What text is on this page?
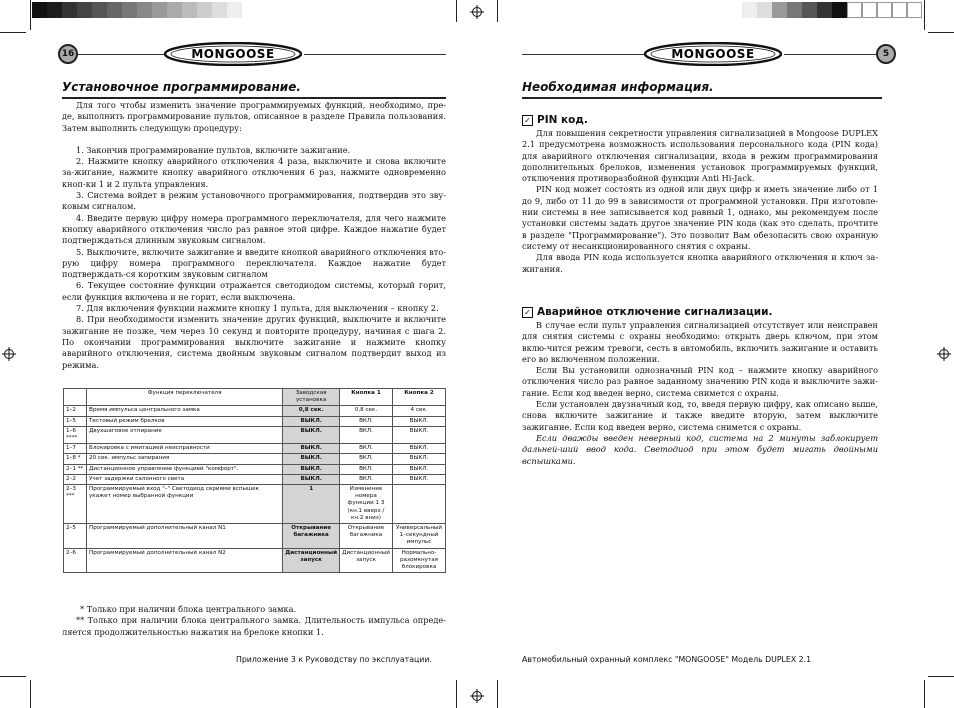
16	MONGOOSE
Установочное программирование.

Для того чтобы изменить значение программируемых функций, необходимо, пре-де, выполнить программирование пультов, описанное в разделе Правила пользования. Затем выполнить следующую процедуру:

1. Закончив программирование пультов, включите зажигание.

2. Нажмите кнопку аварийного отключения 4 раза, выключите и снова включите за-жигание, нажмите кнопку аварийного отключения 6 раз, нажмите одновременно кноп-ки 1 и 2 пульта управления.

3. Система войдет в режим установочного программирования, подтвердив это зву-ковым сигналом.

4. Введите первую цифру номера программного переключателя, для чего нажмите кнопку аварийного отключения число раз равное этой цифре. Каждое нажатие будет подтверждаться длинным звуковым сигналом.

5. Выключите, включите зажигание и введите кнопкой аварийного отключения вто-рую цифру номера программного переключателя. Каждое нажатие будет подтверждать-ся коротким звуковым сигналом

6. Текущее состояние функции отражается светодиодом системы, который горит, если функция включена и не горит, если выключена.

7. Для включения функции нажмите кнопку 1 пульта, для выключения – кнопку 2.

8. При необходимости изменить значение других функций, выключите и включите зажигание не позже, чем через 10 секунд и повторите процедуру, начиная с шага 2. По окончании программирования выключите зажигание и нажмите кнопку аварийного отключения, система двойным звуковым сигналом подтвердит выход из режима.

	Функция переключателя	Заводская установка	Кнопка 1	Кнопка 2
1–2	Время импульса центрального замка	0,8 сек.	0,8 сек.	4 сек.
1–5	Тестовый режим брелков	ВЫКЛ.	ВКЛ.	ВЫКЛ.
1–6 ****	Двухшаговое отпирание	ВЫКЛ.	ВКЛ.	ВЫКЛ.
1–7	Блокировка с имитацией неисправности	ВЫКЛ.	ВКЛ.	ВЫКЛ.
1–8 *	20 сек. импульс запирания	ВЫКЛ.	ВКЛ.	ВЫКЛ.
2–1 **	Дистанционное управление функцией "комфорт".	ВЫКЛ.	ВКЛ.	ВЫКЛ.
2–2	Учет задержки салонного света	ВЫКЛ.	ВКЛ.	ВЫКЛ.
2–3 ***	Программируемый вход "–" Светодиод сериями вспышек укажет номер выбранной функции	1	Изменение номера функции 1 3 (кн.1 вверх / кн.2 вниз)	
2–5	Программируемый дополнительный канал N1	Открывание багажника	Открывание багажника	Универсальный 1–секундный импульс
2–6	Программируемый дополнительный канал N2	Дистанционный запуск	Дистанционный запуск	Нормально-разомкнутая блокировка
* Только при наличии блока центрального замка.
** Только при наличии блока центрального замка. Длительность импульса опреде-ляется продолжительностью нажатия на брелоке кнопки 1.
Приложение 3 к Руководству по эксплуатации.
MONGOOSE	5
Необходимая информация.
✓ PIN код.

Для повышения секретности управления сигнализацией в Mongoose DUPLEX 2.1 предусмотрена возможность использования персонального кода (PIN кода) для аварийного отключения сигнализации, входа в режим программирования дополнительных брелоков, изменения установок программируемых функций, отключения противоразбойной функции Anti Hi-Jack.

PIN код может состоять из одной или двух цифр и иметь значение либо от 1 до 9, либо от 11 до 99 в зависимости от программной установки. При изготовле-нии системы в нее записывается код равный 1, однако, мы рекомендуем после установки системы задать другое значение PIN кода (как это сделать, прочтите в разделе "Программирование"). Это позволит Вам обезопасить свою охранную систему от несанкционированного снятия с охраны.

Для ввода PIN кода используется кнопка аварийного отключения и ключ за-жигания.

✓ Аварийное отключение сигнализации.

В случае если пульт управления сигнализацией отсутствует или неисправен для снятия системы с охраны необходимо: открыть дверь ключом, при этом вклю-чится режим тревоги, сесть в автомобиль, включить зажигание и оставить его во включенном положении.

Если Вы установили однозначный PIN код – нажмите кнопку аварийного отключения число раз равное заданному значению PIN кода и выключите зажи-гание. Если код введен верно, система снимется с охраны.

Если установлен двузначный код, то, введя первую цифру, как описано выше, снова включите зажигание и также введите вторую, затем выключите зажигание. Если код введен верно, система снимется с охраны.

Если дважды введен неверный код, система на 2 минуты заблокирует дальней-ший ввод кода. Светодиод при этом будет мигать двойными вспышками.

Автомобильный охранный комплекс "MONGOOSE" Модель DUPLEX 2.1
